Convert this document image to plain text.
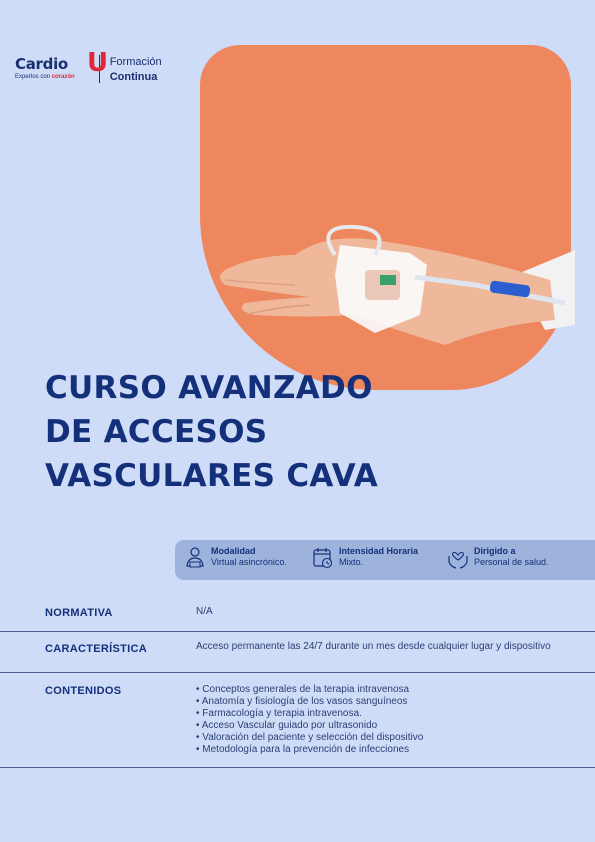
Cardio U
Expertos con corazón
Formación
Continua
CURSO AVANZADO
DE ACCESOS
VASCULARES CAVA
Modalidad
Virtual asincrónico.
Intensidad Horaria
Mixto.
Dirigido a
Personal de salud.
NORMATIVA	N/A
CARACTERÍSTICA	Acceso permanente las 24/7 durante un mes desde cualquier lugar y dispositivo
CONTENIDOS	• Conceptos generales de la terapia intravenosa
• Anatomía y fisiología de los vasos sanguíneos
• Farmacología y terapia intravenosa.
• Acceso Vascular guiado por ultrasonido
• Valoración del paciente y selección del dispositivo
• Metodología para la prevención de infecciones
